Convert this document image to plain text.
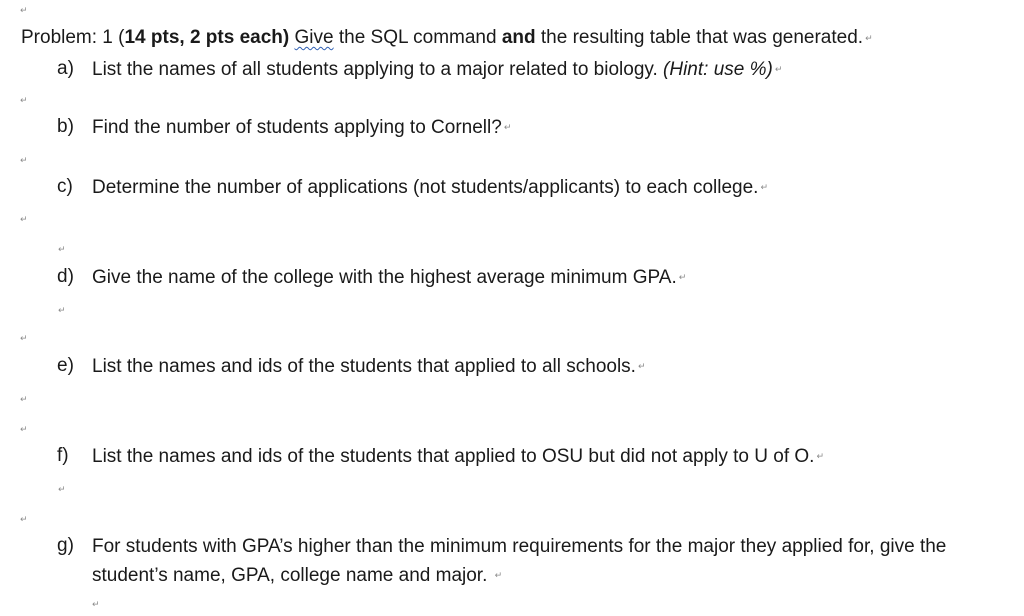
↵
↵
↵
↵
↵
↵
↵
↵
↵
↵
↵
↵
Problem: 1 (14 pts, 2 pts each) Give the SQL command and the resulting table that was generated. ↵
a) List the names of all students applying to a major related to biology. (Hint: use %) ↵
b) Find the number of students applying to Cornell? ↵
c) Determine the number of applications (not students/applicants) to each college. ↵
d) Give the name of the college with the highest average minimum GPA. ↵
e) List the names and ids of the students that applied to all schools. ↵
f) List the names and ids of the students that applied to OSU but did not apply to U of O. ↵
g) For students with GPA’s higher than the minimum requirements for the major they applied for, give the student’s name, GPA, college name and major. ↵
